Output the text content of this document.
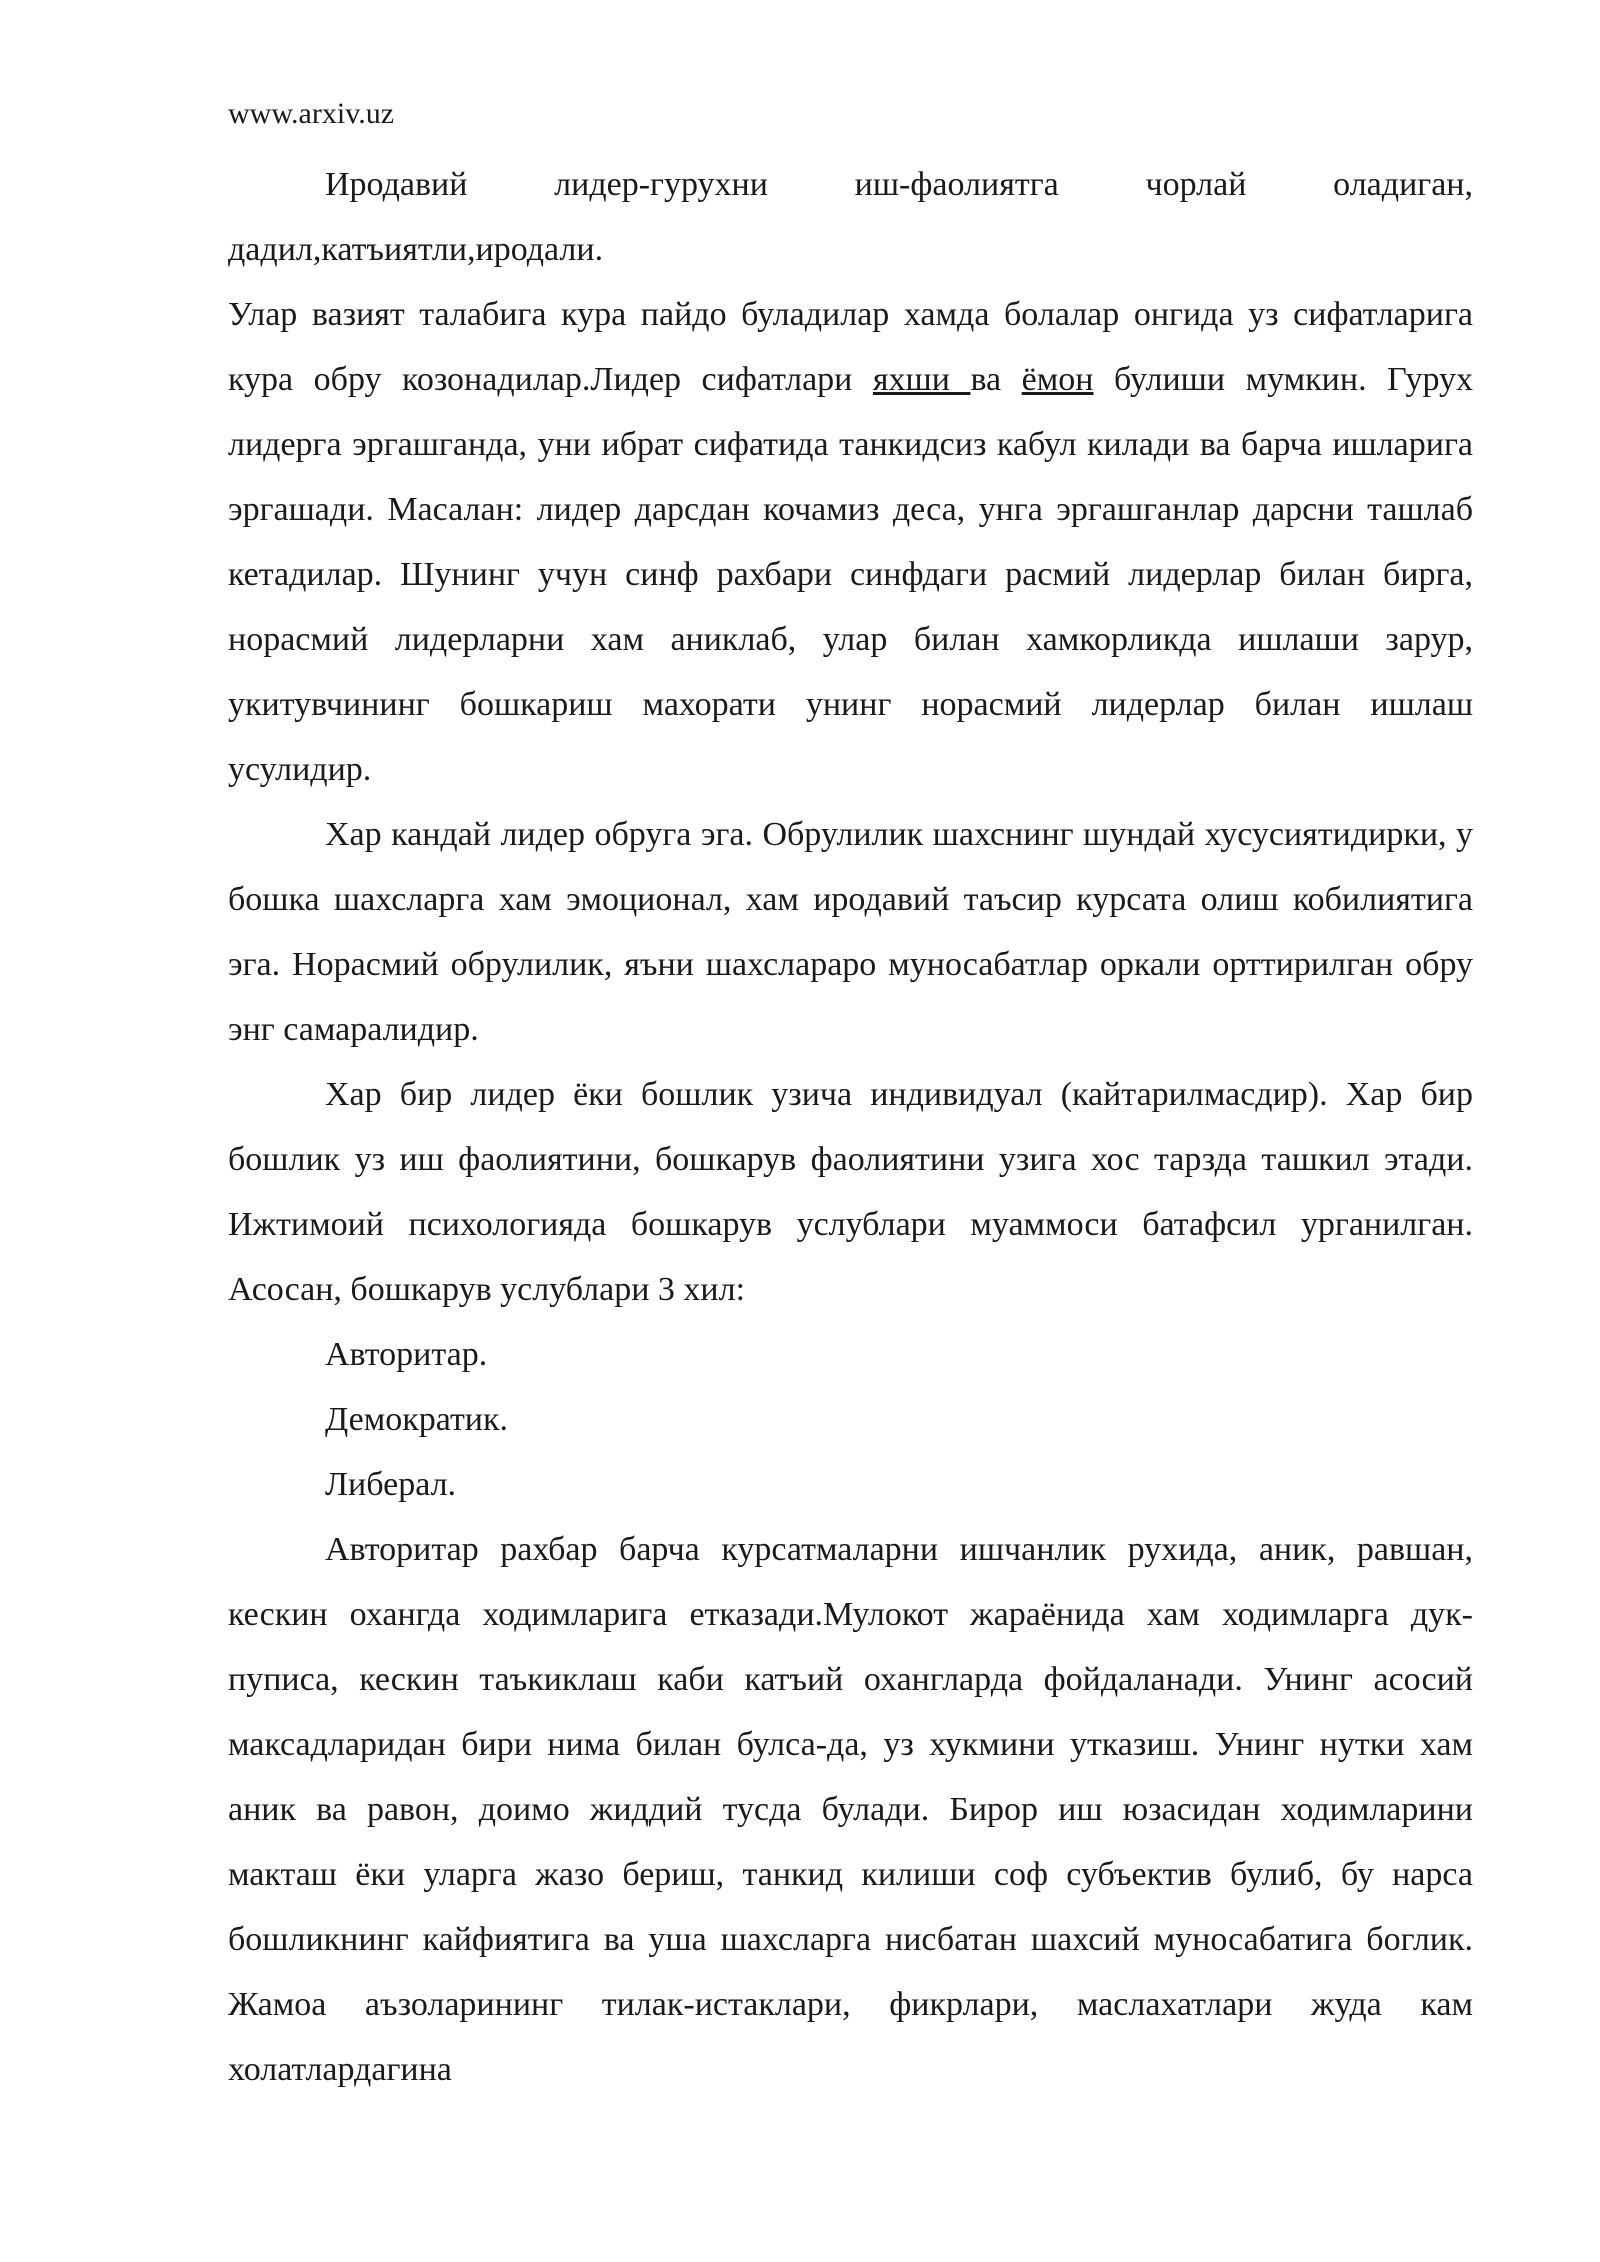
www.arxiv.uz

Иродавий лидер-гурухни иш-фаолиятга чорлай оладиган, дадил,катъиятли,иродали.

Улар вазият талабига кура пайдо буладилар хамда болалар онгида уз сифатларига кура обру козонадилар.Лидер сифатлари яхши ва ёмон булиши мумкин. Гурух лидерга эргашганда, уни ибрат сифатида танкидсиз кабул килади ва барча ишларига эргашади. Масалан: лидер дарсдан кочамиз деса, унга эргашганлар дарсни ташлаб кетадилар. Шунинг учун синф рахбари синфдаги расмий лидерлар билан бирга, норасмий лидерларни хам аниклаб, улар билан хамкорликда ишлаши зарур, укитувчининг бошкариш махорати унинг норасмий лидерлар билан ишлаш усулидир.

Хар кандай лидер обруга эга. Обрулилик шахснинг шундай хусусиятидирки, у бошка шахсларга хам эмоционал, хам иродавий таъсир курсата олиш кобилиятига эга. Норасмий обрулилик, яъни шахслараро муносабатлар оркали орттирилган обру энг самаралидир.

Хар бир лидер ёки бошлик узича индивидуал (кайтарилмасдир). Хар бир бошлик уз иш фаолиятини, бошкарув фаолиятини узига хос тарзда ташкил этади. Ижтимоий психологияда бошкарув услублари муаммоси батафсил урганилган. Асосан, бошкарув услублари 3 хил:

Авторитар.

Демократик.

Либерал.

Авторитар рахбар барча курсатмаларни ишчанлик рухида, аник, равшан, кескин охангда ходимларига етказади.Мулокот жараёнида хам ходимларга дук-пуписа, кескин таъкиклаш каби катъий охангларда фойдаланади. Унинг асосий максадларидан бири нима билан булса-да, уз хукмини утказиш. Унинг нутки хам аник ва равон, доимо жиддий тусда булади. Бирор иш юзасидан ходимларини макташ ёки уларга жазо бериш, танкид килиши соф субъектив булиб, бу нарса бошликнинг кайфиятига ва уша шахсларга нисбатан шахсий муносабатига боглик. Жамоа аъзоларининг тилак-истаклари, фикрлари, маслахатлари жуда кам холатлардагина
